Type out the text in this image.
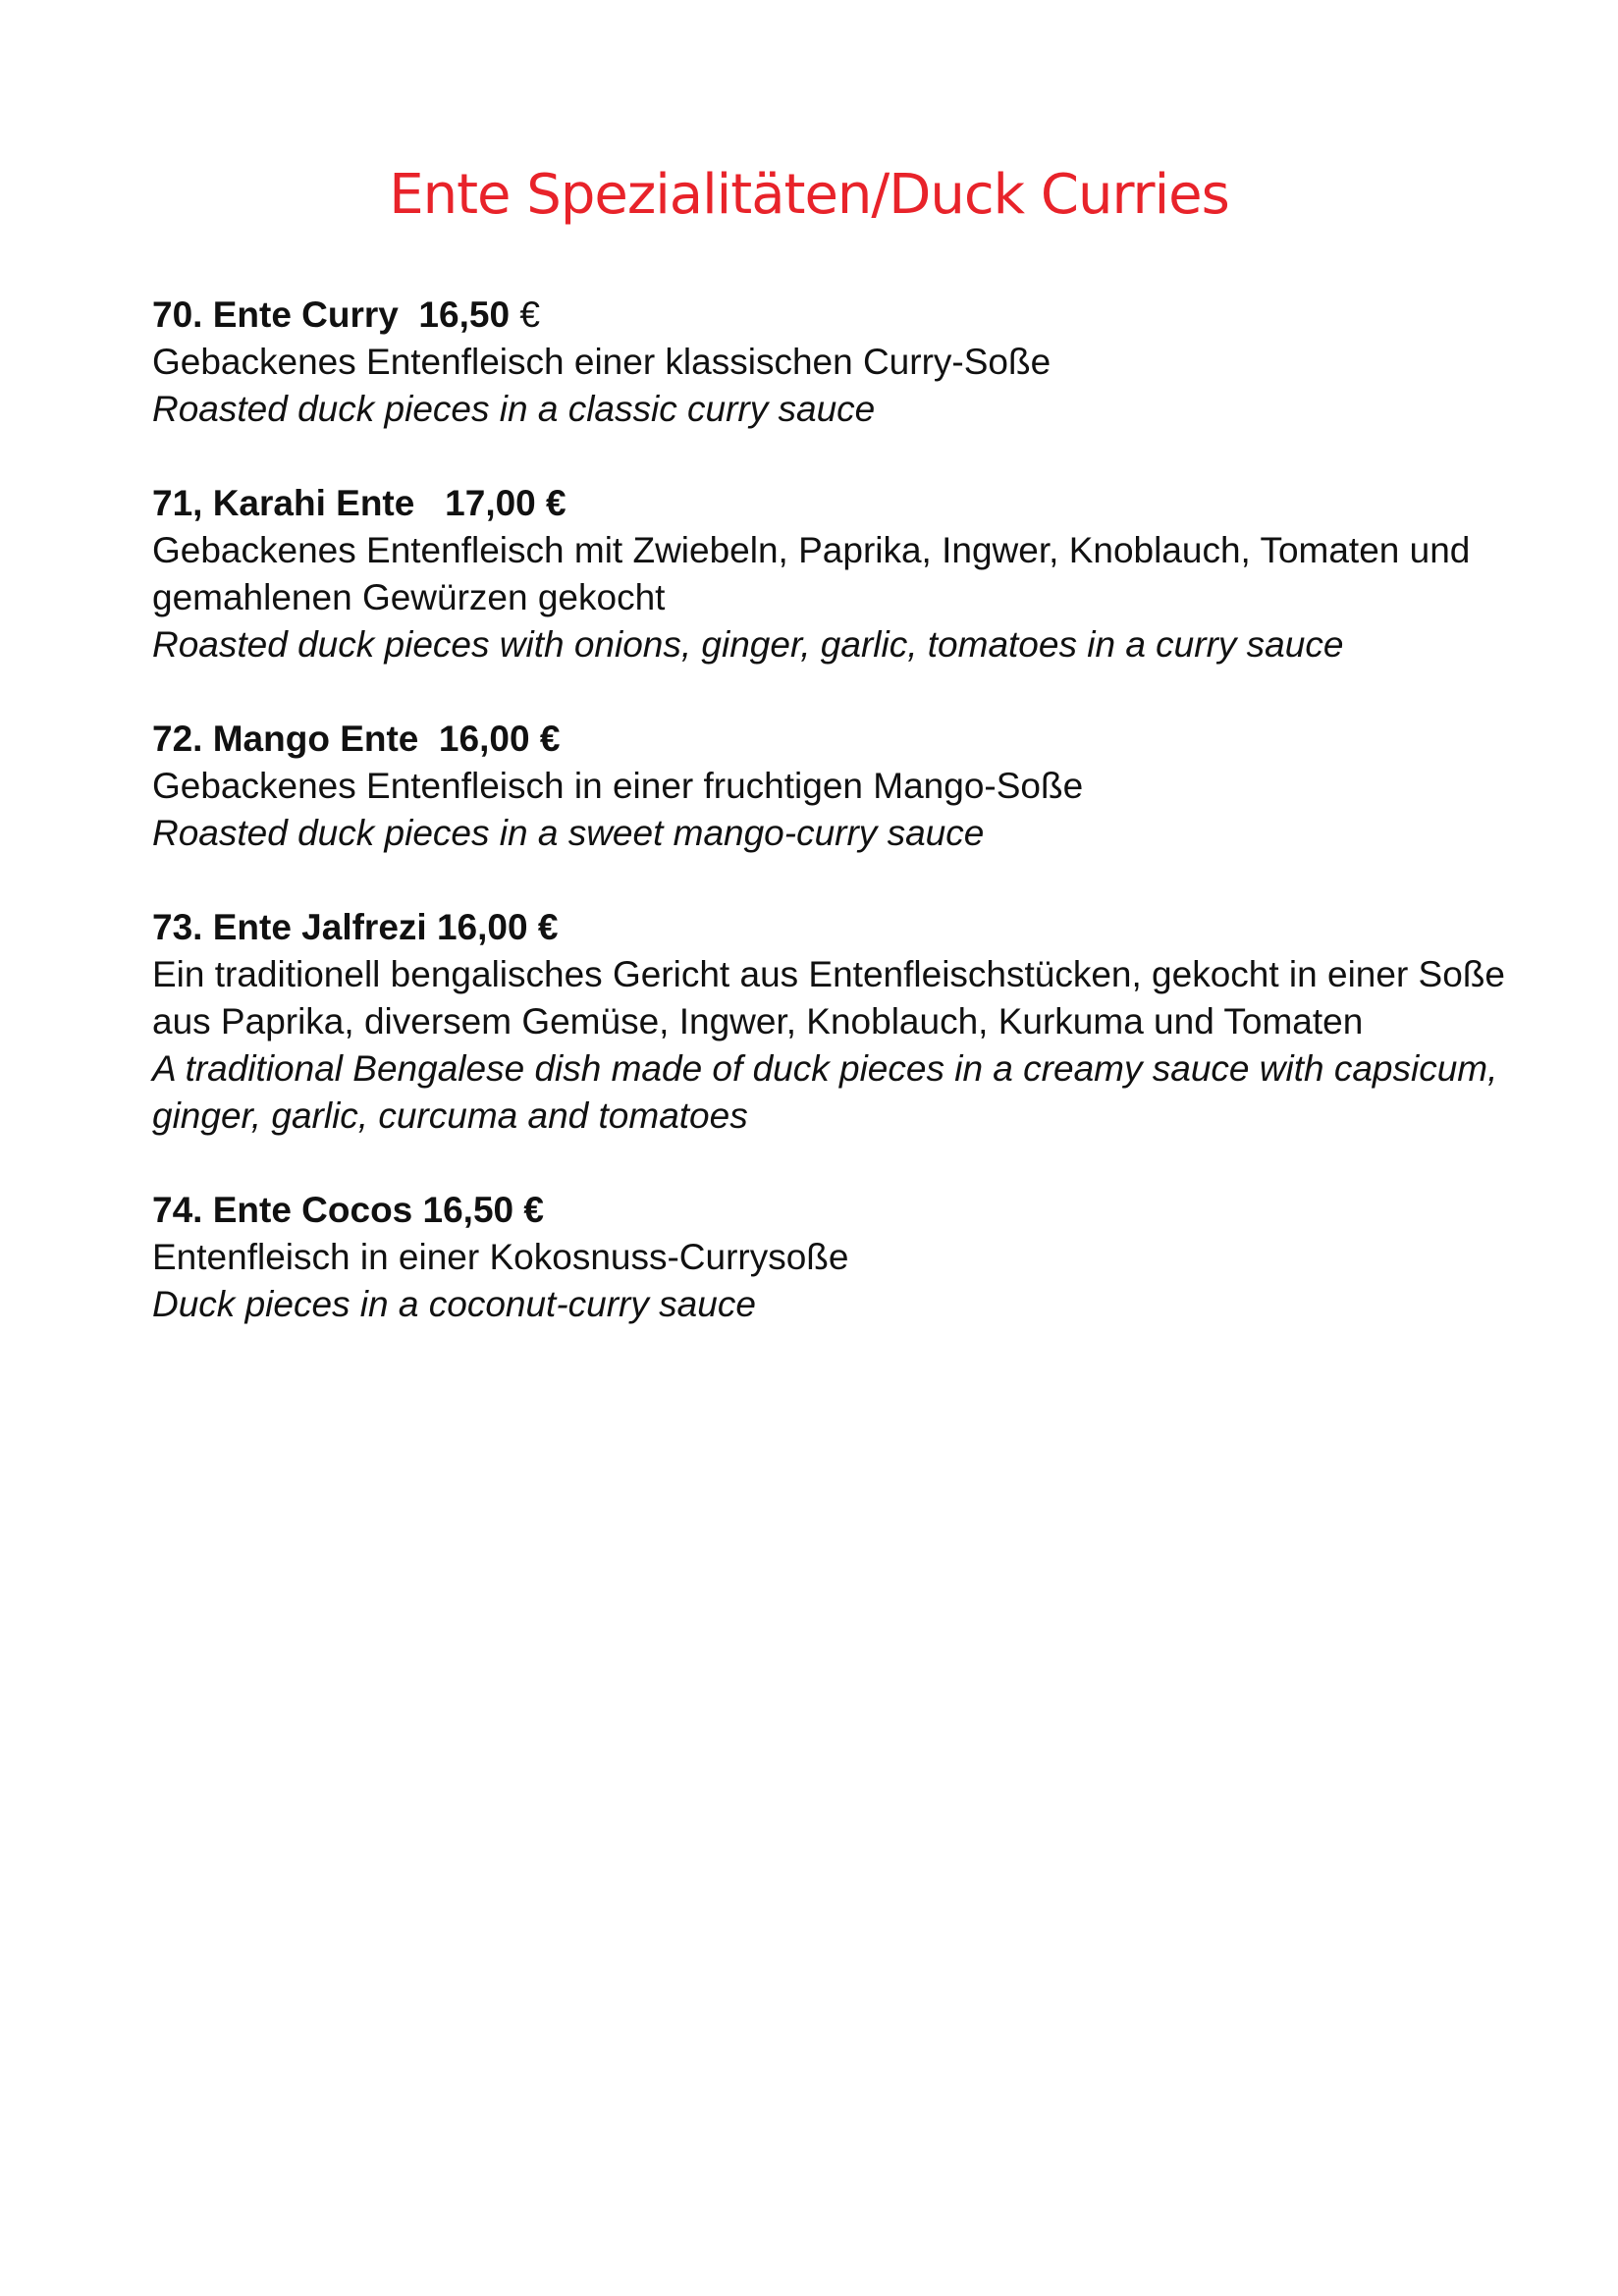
Ente Spezialitäten/Duck Curries
70. Ente Curry  16,50 €
Gebackenes Entenfleisch einer klassischen Curry-Soße
Roasted duck pieces in a classic curry sauce
71, Karahi Ente   17,00 €
Gebackenes Entenfleisch mit Zwiebeln, Paprika, Ingwer, Knoblauch, Tomaten und gemahlenen Gewürzen gekocht
Roasted duck pieces with onions, ginger, garlic, tomatoes in a curry sauce
72. Mango Ente  16,00 €
Gebackenes Entenfleisch in einer fruchtigen Mango-Soße
Roasted duck pieces in a sweet mango-curry sauce
73. Ente Jalfrezi 16,00 €
Ein traditionell bengalisches Gericht aus Entenfleischstücken, gekocht in einer Soße aus Paprika, diversem Gemüse, Ingwer, Knoblauch, Kurkuma und Tomaten
A traditional Bengalese dish made of duck pieces in a creamy sauce with capsicum, ginger, garlic, curcuma and tomatoes
74. Ente Cocos 16,50 €
Entenfleisch in einer Kokosnuss-Currysoße
Duck pieces in a coconut-curry sauce
